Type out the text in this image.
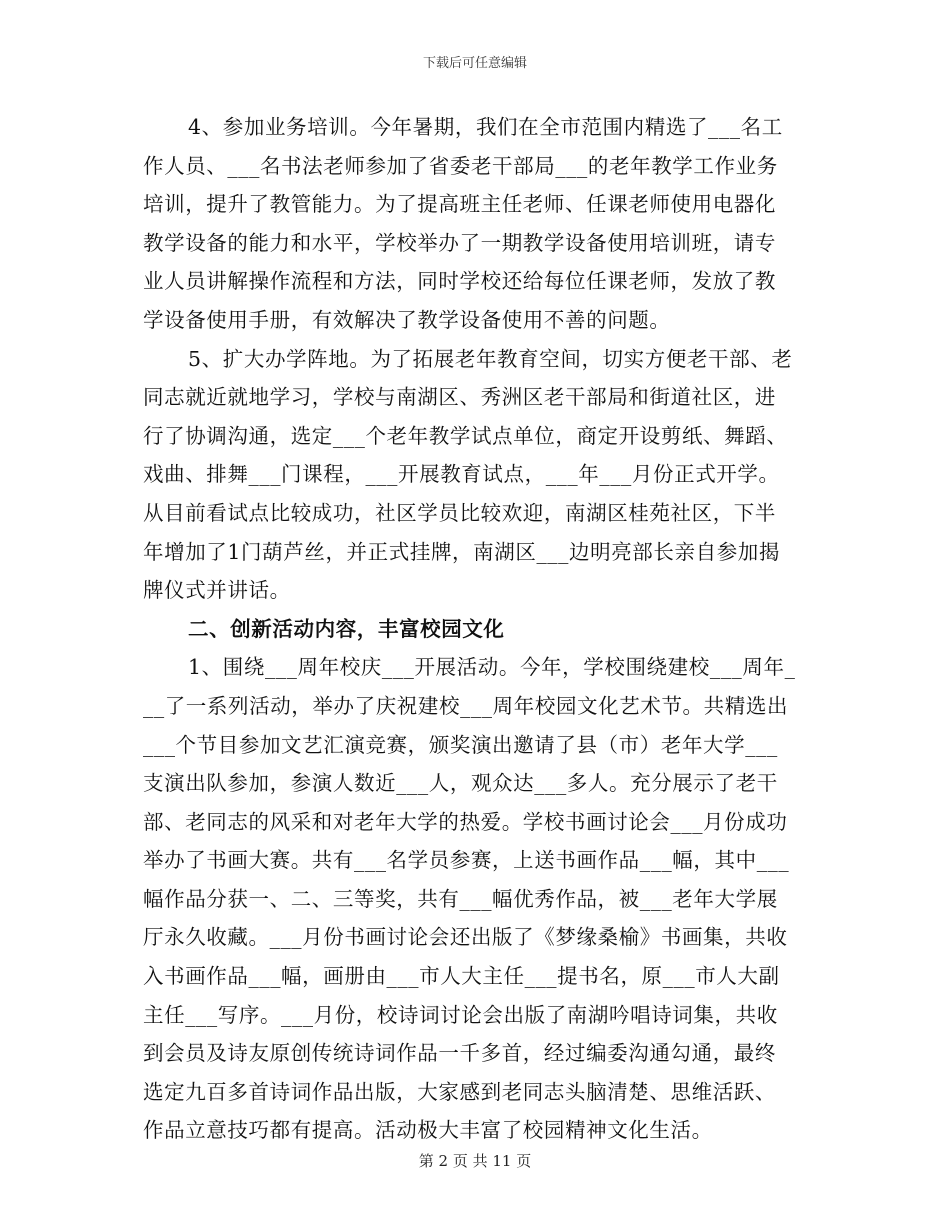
下载后可任意编辑
4、参加业务培训。今年暑期，我们在全市范围内精选了___名工
作人员、___名书法老师参加了省委老干部局___的老年教学工作业务
培训，提升了教管能力。为了提高班主任老师、任课老师使用电器化
教学设备的能力和水平，学校举办了一期教学设备使用培训班，请专
业人员讲解操作流程和方法，同时学校还给每位任课老师，发放了教
学设备使用手册，有效解决了教学设备使用不善的问题。
5、扩大办学阵地。为了拓展老年教育空间，切实方便老干部、老
同志就近就地学习，学校与南湖区、秀洲区老干部局和街道社区，进
行了协调沟通，选定___个老年教学试点单位，商定开设剪纸、舞蹈、
戏曲、排舞___门课程，___开展教育试点，___年___月份正式开学。
从目前看试点比较成功，社区学员比较欢迎，南湖区桂苑社区，下半
年增加了1门葫芦丝，并正式挂牌，南湖区___边明亮部长亲自参加揭
牌仪式并讲话。
二、创新活动内容，丰富校园文化
1、围绕___周年校庆___开展活动。今年，学校围绕建校___周年_
__了一系列活动，举办了庆祝建校___周年校园文化艺术节。共精选出
___个节目参加文艺汇演竞赛，颁奖演出邀请了县（市）老年大学___
支演出队参加，参演人数近___人，观众达___多人。充分展示了老干
部、老同志的风采和对老年大学的热爱。学校书画讨论会___月份成功
举办了书画大赛。共有___名学员参赛，上送书画作品___幅，其中___
幅作品分获一、二、三等奖，共有___幅优秀作品，被___老年大学展
厅永久收藏。___月份书画讨论会还出版了《梦缘桑榆》书画集，共收
入书画作品___幅，画册由___市人大主任___提书名，原___市人大副
主任___写序。___月份，校诗词讨论会出版了南湖吟唱诗词集，共收
到会员及诗友原创传统诗词作品一千多首，经过编委沟通勾通，最终
选定九百多首诗词作品出版，大家感到老同志头脑清楚、思维活跃、
作品立意技巧都有提高。活动极大丰富了校园精神文化生活。
第 2 页 共 11 页
